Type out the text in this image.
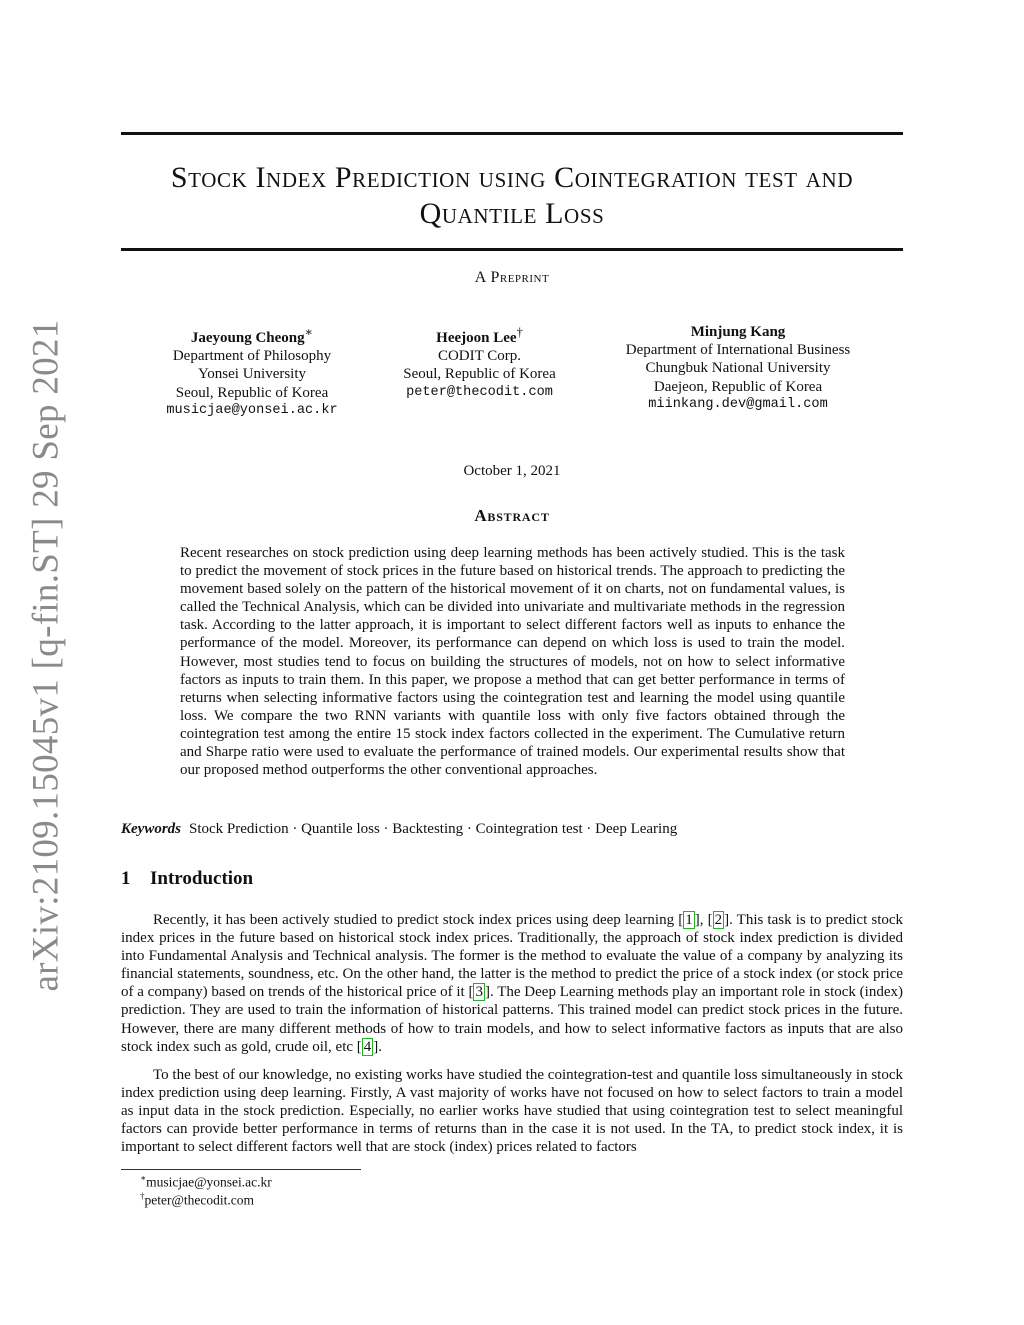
arXiv:2109.15045v1 [q-fin.ST] 29 Sep 2021
Stock Index Prediction using Cointegration test and
Quantile Loss
A Preprint
Jaeyoung Cheong∗
Department of Philosophy
Yonsei University
Seoul, Republic of Korea
musicjae@yonsei.ac.kr
Heejoon Lee†
CODIT Corp.
Seoul, Republic of Korea
peter@thecodit.com
Minjung Kang
Department of International Business
Chungbuk National University
Daejeon, Republic of Korea
miinkang.dev@gmail.com
October 1, 2021
Abstract

Recent researches on stock prediction using deep learning methods has been actively studied. This is the task to predict the movement of stock prices in the future based on historical trends. The approach to predicting the movement based solely on the pattern of the historical movement of it on charts, not on fundamental values, is called the Technical Analysis, which can be divided into univariate and multivariate methods in the regression task. According to the latter approach, it is important to select different factors well as inputs to enhance the performance of the model. Moreover, its performance can depend on which loss is used to train the model. However, most studies tend to focus on building the structures of models, not on how to select informative factors as inputs to train them. In this paper, we propose a method that can get better performance in terms of returns when selecting informative factors using the cointegration test and learning the model using quantile loss. We compare the two RNN variants with quantile loss with only five factors obtained through the cointegration test among the entire 15 stock index factors collected in the experiment. The Cumulative return and Sharpe ratio were used to evaluate the performance of trained models. Our experimental results show that our proposed method outperforms the other conventional approaches.

Keywords Stock Prediction · Quantile loss · Backtesting · Cointegration test · Deep Learing
1 Introduction

Recently, it has been actively studied to predict stock index prices using deep learning [ 1 ], [ 2 ]. This task is to predict stock index prices in the future based on historical stock index prices. Traditionally, the approach of stock index prediction is divided into Fundamental Analysis and Technical analysis. The former is the method to evaluate the value of a company by analyzing its financial statements, soundness, etc. On the other hand, the latter is the method to predict the price of a stock index (or stock price of a company) based on trends of the historical price of it [ 3 ]. The Deep Learning methods play an important role in stock (index) prediction. They are used to train the information of historical patterns. This trained model can predict stock prices in the future. However, there are many different methods of how to train models, and how to select informative factors as inputs that are also stock index such as gold, crude oil, etc [ 4 ].

To the best of our knowledge, no existing works have studied the cointegration-test and quantile loss simultaneously in stock index prediction using deep learning. Firstly, A vast majority of works have not focused on how to select factors to train a model as input data in the stock prediction. Especially, no earlier works have studied that using cointegration test to select meaningful factors can provide better performance in terms of returns than in the case it is not used. In the TA, to predict stock index, it is important to select different factors well that are stock (index) prices related to factors

∗musicjae@yonsei.ac.kr
†peter@thecodit.com
